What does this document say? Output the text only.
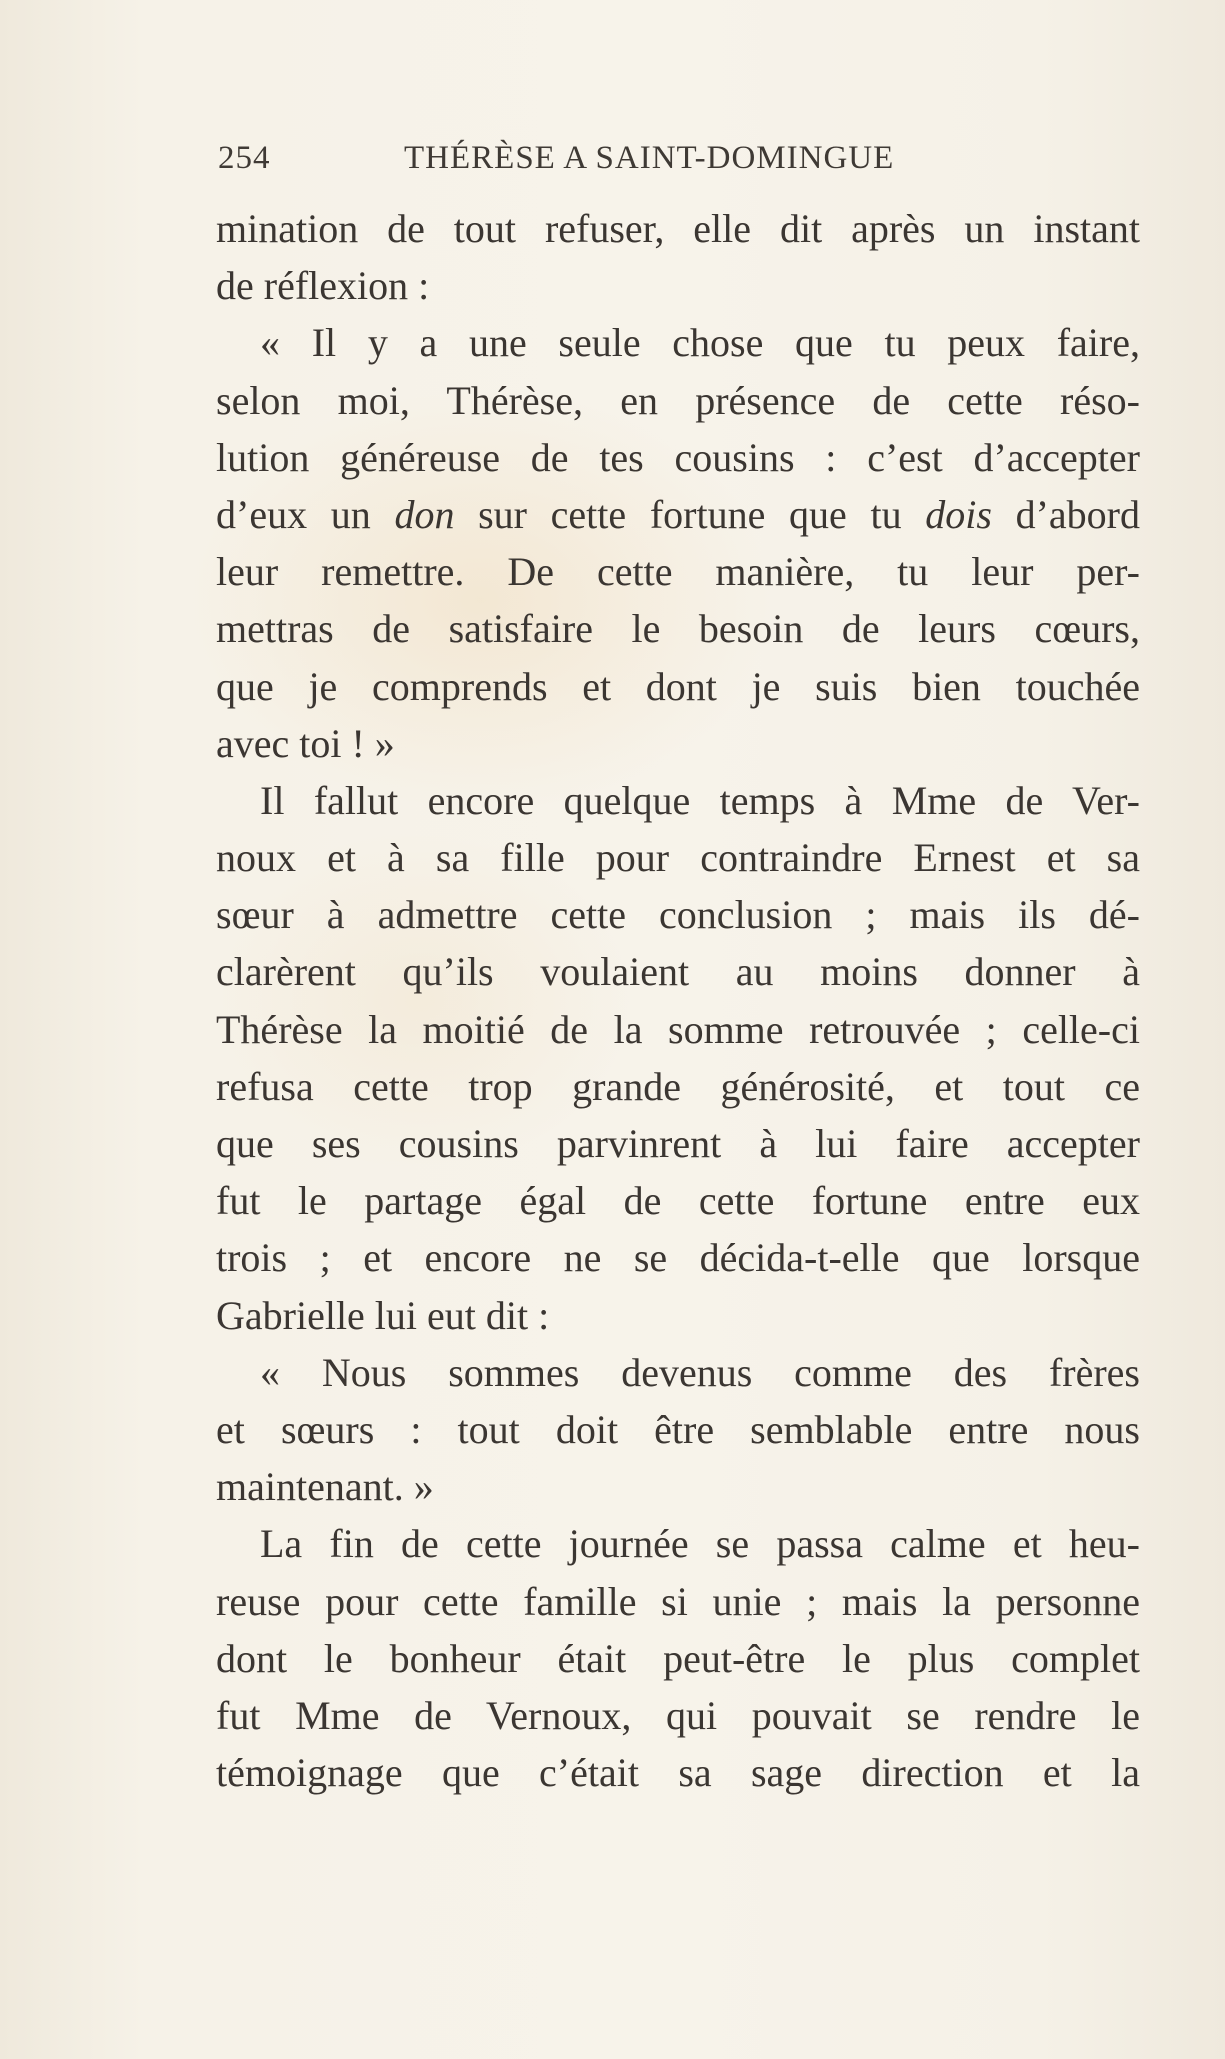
254	THÉRÈSE A SAINT-DOMINGUE
mination de tout refuser, elle dit après un instant
de réflexion :
« Il y a une seule chose que tu peux faire,
selon moi, Thérèse, en présence de cette réso-
lution généreuse de tes cousins : c’est d’accepter
d’eux un don sur cette fortune que tu dois d’abord
leur remettre. De cette manière, tu leur per-
mettras de satisfaire le besoin de leurs cœurs,
que je comprends et dont je suis bien touchée
avec toi ! »
Il fallut encore quelque temps à Mme de Ver-
noux et à sa fille pour contraindre Ernest et sa
sœur à admettre cette conclusion ; mais ils dé-
clarèrent qu’ils voulaient au moins donner à
Thérèse la moitié de la somme retrouvée ; celle-ci
refusa cette trop grande générosité, et tout ce
que ses cousins parvinrent à lui faire accepter
fut le partage égal de cette fortune entre eux
trois ; et encore ne se décida-t-elle que lorsque
Gabrielle lui eut dit :
« Nous sommes devenus comme des frères
et sœurs : tout doit être semblable entre nous
maintenant. »
La fin de cette journée se passa calme et heu-
reuse pour cette famille si unie ; mais la personne
dont le bonheur était peut-être le plus complet
fut Mme de Vernoux, qui pouvait se rendre le
témoignage que c’était sa sage direction et la
